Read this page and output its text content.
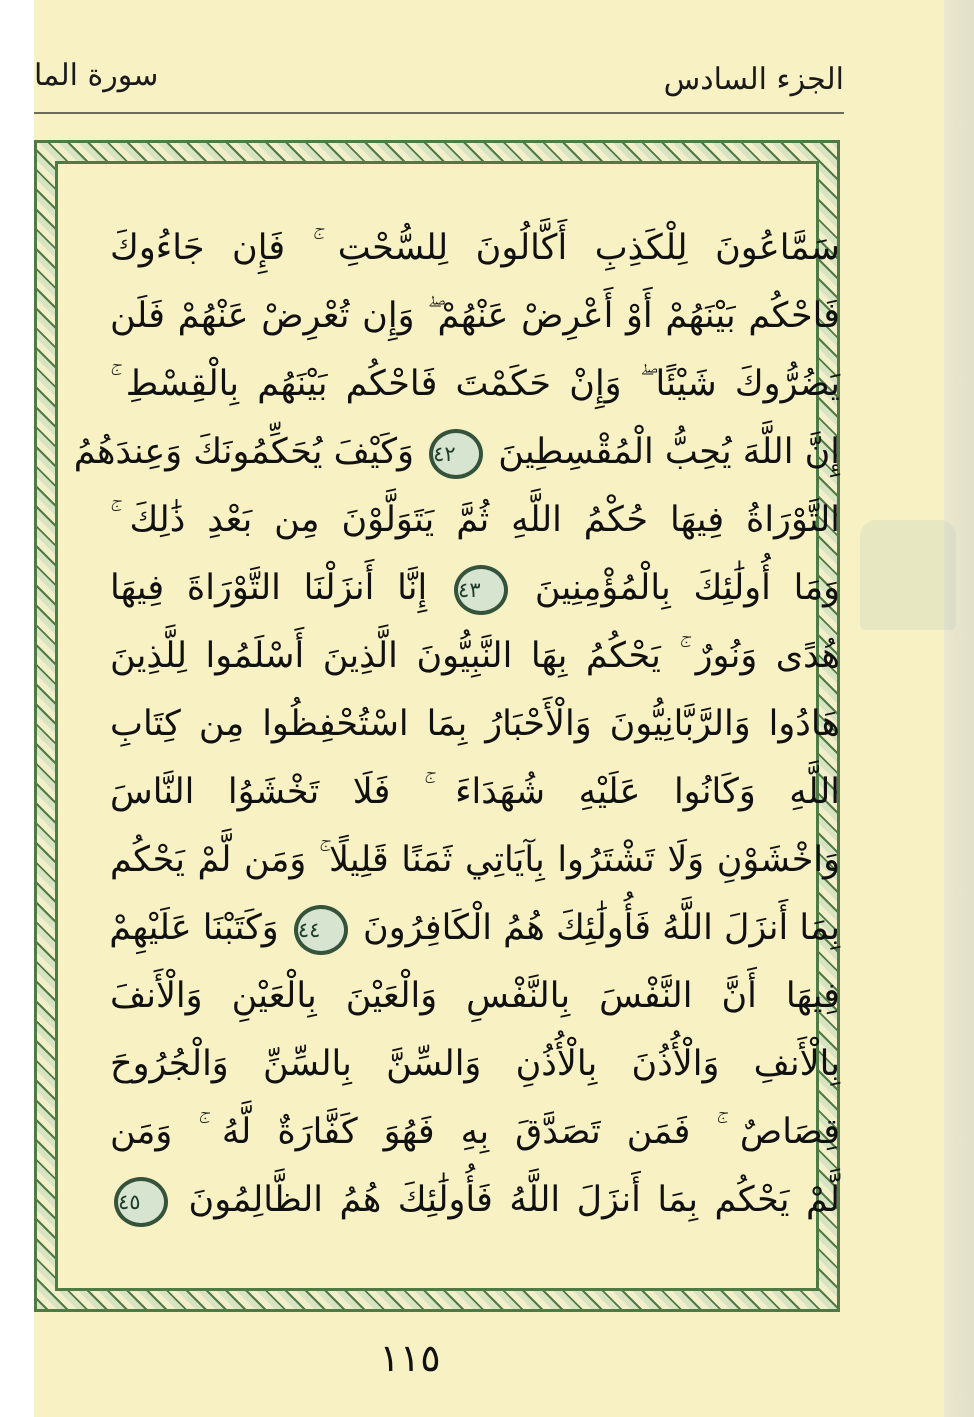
سورة الما	الجزء السادس
سَمَّاعُونَ لِلْكَذِبِ أَكَّالُونَ لِلسُّحْتِ ۚ فَإِن جَاءُوكَ
فَاحْكُم بَيْنَهُمْ أَوْ أَعْرِضْ عَنْهُمْ ۖ وَإِن تُعْرِضْ عَنْهُمْ فَلَن
يَضُرُّوكَ شَيْئًا ۖ وَإِنْ حَكَمْتَ فَاحْكُم بَيْنَهُم بِالْقِسْطِ ۚ
إِنَّ اللَّهَ يُحِبُّ الْمُقْسِطِينَ ٤٢ وَكَيْفَ يُحَكِّمُونَكَ وَعِندَهُمُ
التَّوْرَاةُ فِيهَا حُكْمُ اللَّهِ ثُمَّ يَتَوَلَّوْنَ مِن بَعْدِ ذَٰلِكَ ۚ
وَمَا أُولَٰئِكَ بِالْمُؤْمِنِينَ ٤٣ إِنَّا أَنزَلْنَا التَّوْرَاةَ فِيهَا
هُدًى وَنُورٌ ۚ يَحْكُمُ بِهَا النَّبِيُّونَ الَّذِينَ أَسْلَمُوا لِلَّذِينَ
هَادُوا وَالرَّبَّانِيُّونَ وَالْأَحْبَارُ بِمَا اسْتُحْفِظُوا مِن كِتَابِ
اللَّهِ وَكَانُوا عَلَيْهِ شُهَدَاءَ ۚ فَلَا تَخْشَوُا النَّاسَ
وَاخْشَوْنِ وَلَا تَشْتَرُوا بِآيَاتِي ثَمَنًا قَلِيلًا ۚ وَمَن لَّمْ يَحْكُم
بِمَا أَنزَلَ اللَّهُ فَأُولَٰئِكَ هُمُ الْكَافِرُونَ ٤٤ وَكَتَبْنَا عَلَيْهِمْ
فِيهَا أَنَّ النَّفْسَ بِالنَّفْسِ وَالْعَيْنَ بِالْعَيْنِ وَالْأَنفَ
بِالْأَنفِ وَالْأُذُنَ بِالْأُذُنِ وَالسِّنَّ بِالسِّنِّ وَالْجُرُوحَ
قِصَاصٌ ۚ فَمَن تَصَدَّقَ بِهِ فَهُوَ كَفَّارَةٌ لَّهُ ۚ وَمَن
لَّمْ يَحْكُم بِمَا أَنزَلَ اللَّهُ فَأُولَٰئِكَ هُمُ الظَّالِمُونَ ٤٥
١١٥
